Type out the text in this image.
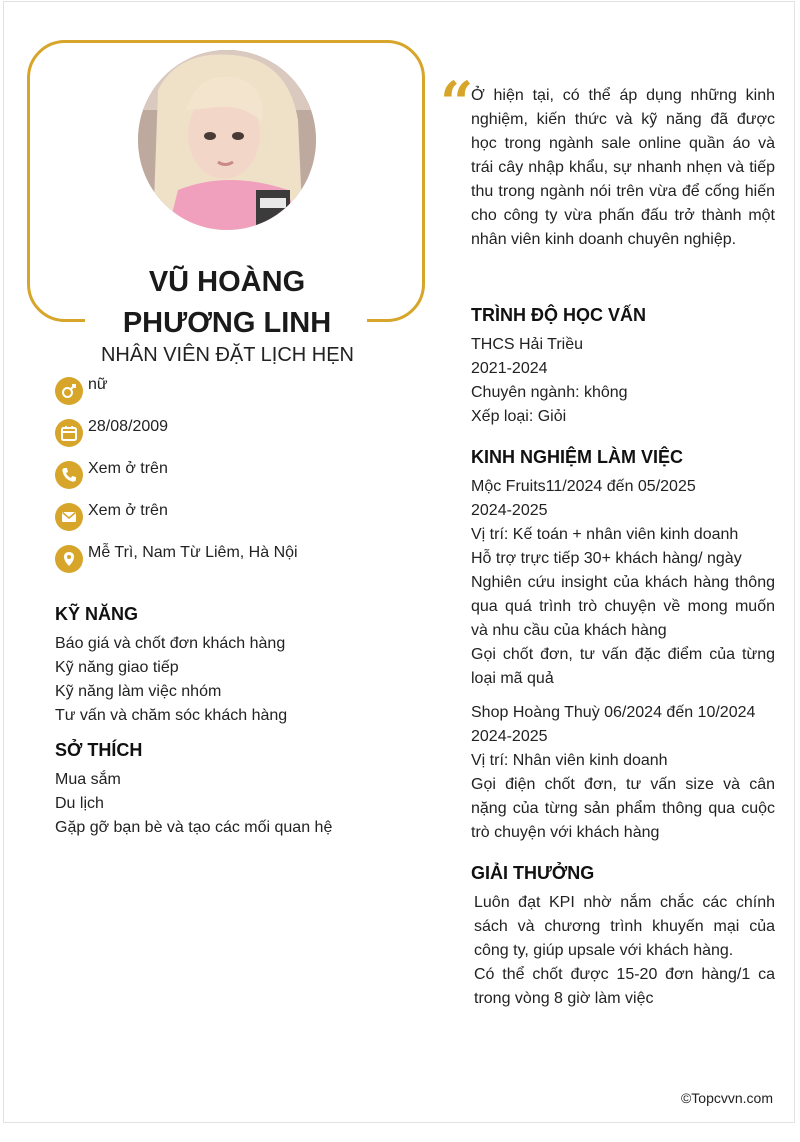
VŨ HOÀNG
PHƯƠNG LINH
NHÂN VIÊN ĐẶT LỊCH HẸN
nữ
28/08/2009
Xem ở trên
Xem ở trên
Mễ Trì, Nam Từ Liêm, Hà Nội
KỸ NĂNG
Báo giá và chốt đơn khách hàng
Kỹ năng giao tiếp
Kỹ năng làm việc nhóm
Tư vấn và chăm sóc khách hàng
SỞ THÍCH
Mua sắm
Du lịch
Gặp gỡ bạn bè và tạo các mối quan hệ
“
Ở hiện tại, có thể áp dụng những kinh nghiệm, kiến thức và kỹ năng đã được học trong ngành sale online quần áo và trái cây nhập khẩu, sự nhanh nhẹn và tiếp thu trong ngành nói trên vừa để cống hiến cho công ty vừa phấn đấu trở thành một nhân viên kinh doanh chuyên nghiệp.
TRÌNH ĐỘ HỌC VẤN
THCS Hải Triều
2021-2024
Chuyên ngành: không
Xếp loại: Giỏi
KINH NGHIỆM LÀM VIỆC
Mộc Fruits11/2024 đến 05/2025
2024-2025
Vị trí: Kế toán + nhân viên kinh doanh
Hỗ trợ trực tiếp 30+ khách hàng/ ngày
Nghiên cứu insight của khách hàng thông qua quá trình trò chuyện về mong muốn và nhu cầu của khách hàng
Gọi chốt đơn, tư vấn đặc điểm của từng loại mã quả
Shop Hoàng Thuỳ 06/2024 đến 10/2024
2024-2025
Vị trí: Nhân viên kinh doanh
Gọi điện chốt đơn, tư vấn size và cân nặng của từng sản phẩm thông qua cuộc trò chuyện với khách hàng
GIẢI THƯỞNG
Luôn đạt KPI nhờ nắm chắc các chính sách và chương trình khuyến mại của công ty, giúp upsale với khách hàng.
Có thể chốt được 15-20 đơn hàng/1 ca trong vòng 8 giờ làm việc
©Topcvvn.com
